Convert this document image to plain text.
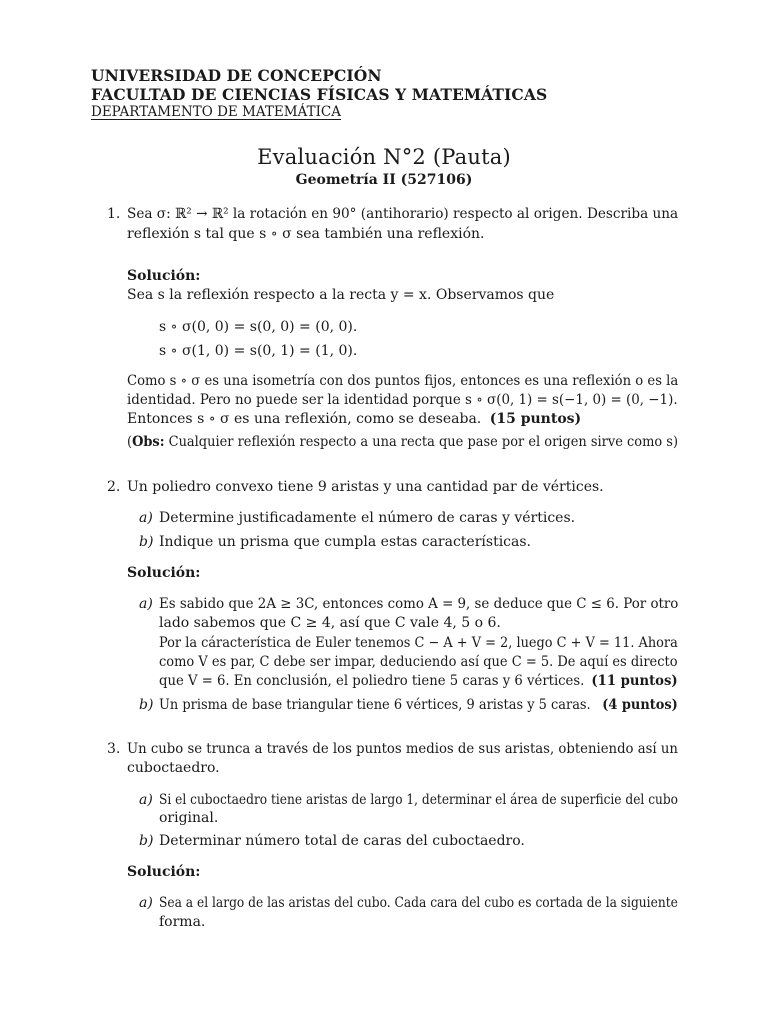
UNIVERSIDAD DE CONCEPCIÓN
FACULTAD DE CIENCIAS FÍSICAS Y MATEMÁTICAS
DEPARTAMENTO DE MATEMÁTICA
Evaluación N°2 (Pauta)
Geometría II (527106)
1. Sea σ: ℝ² → ℝ² la rotación en 90° (antihorario) respecto al origen. Describa una
reflexión s tal que s ∘ σ sea también una reflexión.
Solución:
Sea s la reflexión respecto a la recta y = x. Observamos que
s ∘ σ(0, 0) = s(0, 0) = (0, 0).
s ∘ σ(1, 0) = s(0, 1) = (1, 0).
Como s ∘ σ es una isometría con dos puntos fijos, entonces es una reflexión o es la
identidad. Pero no puede ser la identidad porque s ∘ σ(0, 1) = s(−1, 0) = (0, −1).
Entonces s ∘ σ es una reflexión, como se deseaba. (15 puntos)
(Obs: Cualquier reflexión respecto a una recta que pase por el origen sirve como s)
2. Un poliedro convexo tiene 9 aristas y una cantidad par de vértices.
a) Determine justificadamente el número de caras y vértices.
b) Indique un prisma que cumpla estas características.
Solución:
a) Es sabido que 2A ≥ 3C, entonces como A = 9, se deduce que C ≤ 6. Por otro
lado sabemos que C ≥ 4, así que C vale 4, 5 o 6.
Por la cáracterística de Euler tenemos C − A + V = 2, luego C + V = 11. Ahora
como V es par, C debe ser impar, deduciendo así que C = 5. De aquí es directo
que V = 6. En conclusión, el poliedro tiene 5 caras y 6 vértices. (11 puntos)
b) Un prisma de base triangular tiene 6 vértices, 9 aristas y 5 caras. (4 puntos)
3. Un cubo se trunca a través de los puntos medios de sus aristas, obteniendo así un
cuboctaedro.
a) Si el cuboctaedro tiene aristas de largo 1, determinar el área de superficie del cubo
original.
b) Determinar número total de caras del cuboctaedro.
Solución:
a) Sea a el largo de las aristas del cubo. Cada cara del cubo es cortada de la siguiente
forma.
